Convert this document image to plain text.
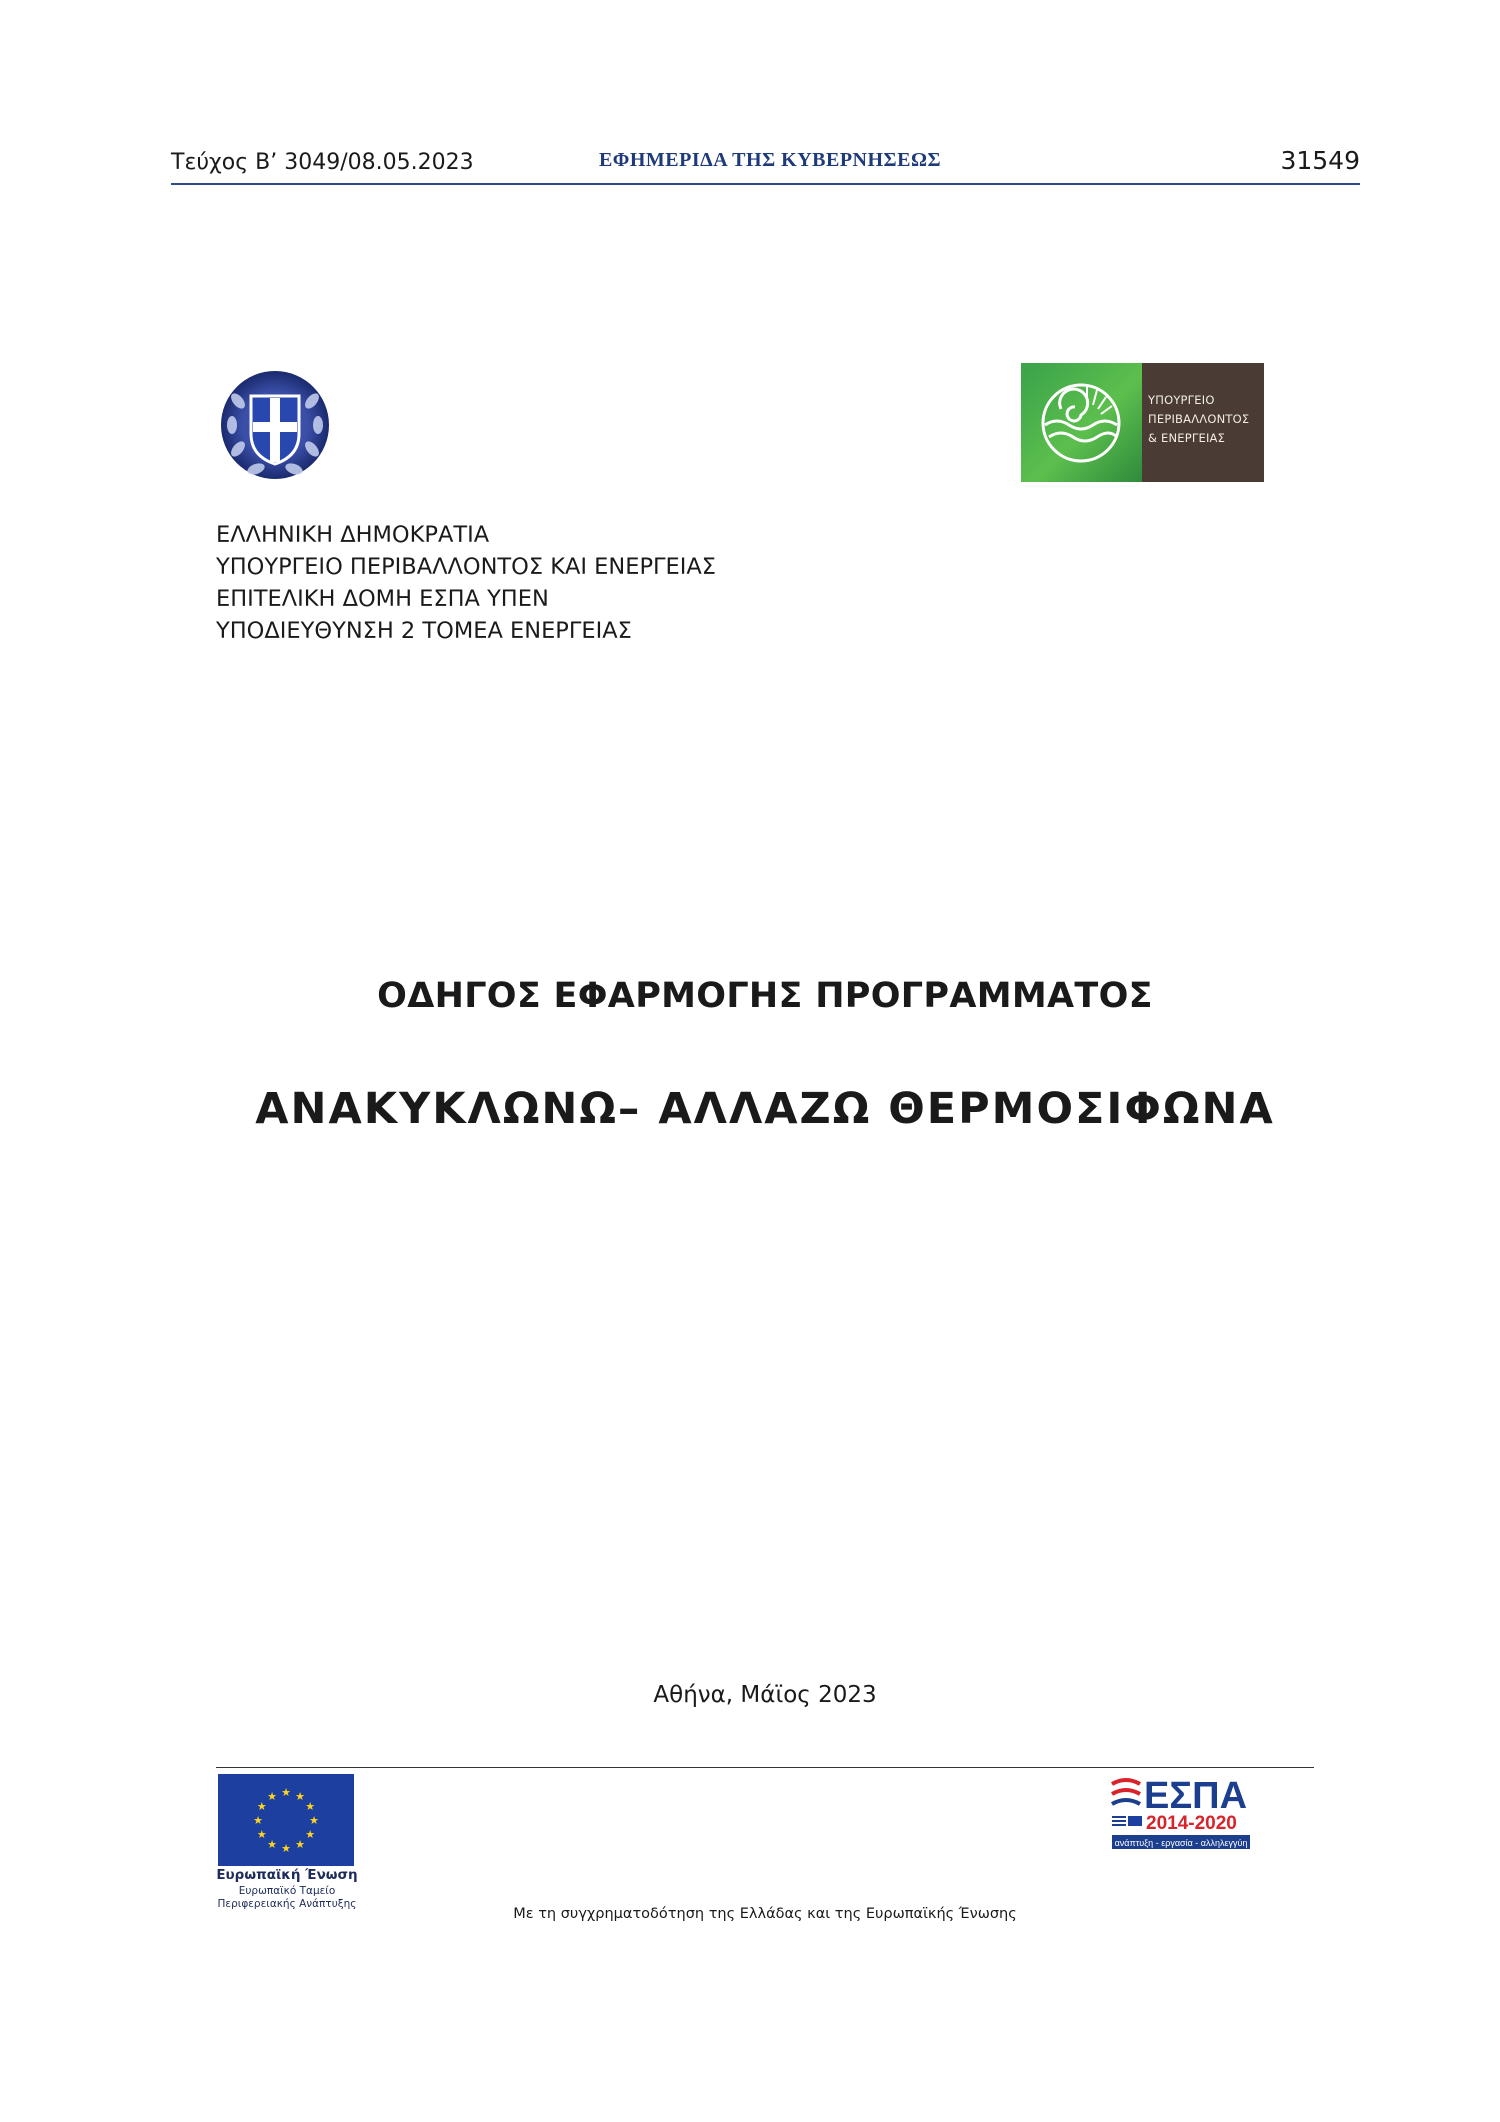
Τεύχος Β’ 3049/08.05.2023	ΕΦΗΜΕΡΙΔΑ ΤΗΣ ΚΥΒΕΡΝΗΣΕΩΣ	31549
ΥΠΟΥΡΓΕΙΟ
ΠΕΡΙΒΑΛΛΟΝΤΟΣ
& ΕΝΕΡΓΕΙΑΣ
ΕΛΛΗΝΙΚΗ ΔΗΜΟΚΡΑΤΙΑ
ΥΠΟΥΡΓΕΙΟ ΠΕΡΙΒΑΛΛΟΝΤΟΣ ΚΑΙ ΕΝΕΡΓΕΙΑΣ
ΕΠΙΤΕΛΙΚΗ ΔΟΜΗ ΕΣΠΑ ΥΠΕΝ
ΥΠΟΔΙΕΥΘΥΝΣΗ 2 ΤΟΜΕΑ ΕΝΕΡΓΕΙΑΣ
ΟΔΗΓΟΣ ΕΦΑΡΜΟΓΗΣ ΠΡΟΓΡΑΜΜΑΤΟΣ
ΑΝΑΚΥΚΛΩΝΩ– ΑΛΛΑΖΩ ΘΕΡΜΟΣΙΦΩΝΑ
Αθήνα, Μάϊος 2023
★ ★
★
★
★
★
★
★
★
★
★
★
Ευρωπαϊκή Ένωση
Ευρωπαϊκό Ταμείο
Περιφερειακής Ανάπτυξης
ΕΣΠΑ
2014-2020
ανάπτυξη - εργασία - αλληλεγγύη
Με τη συγχρηματοδότηση της Ελλάδας και της Ευρωπαϊκής Ένωσης
